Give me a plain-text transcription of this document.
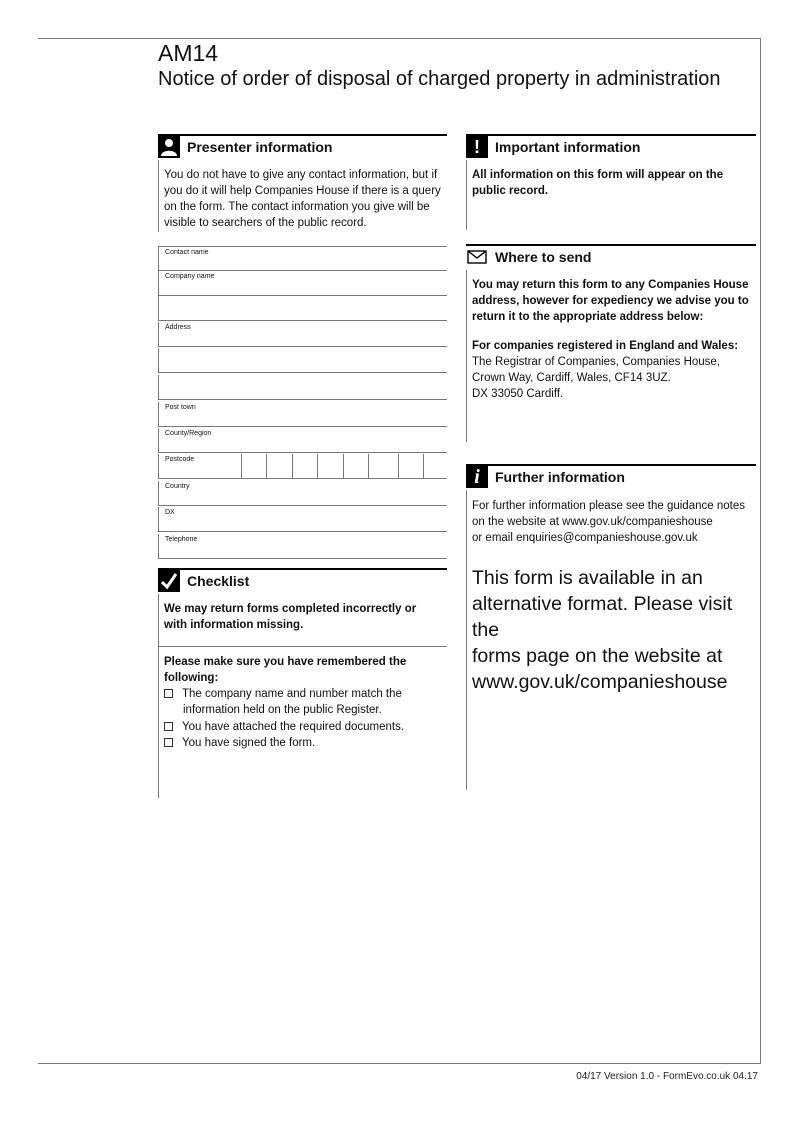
AM14
Notice of order of disposal of charged property in administration
Presenter information
You do not have to give any contact information, but if
you do it will help Companies House if there is a query
on the form. The contact information you give will be
visible to searchers of the public record.
Contact name
Company name
Address
Post town
County/Region
Postcode
Country
DX
Telephone
Checklist
We may return forms completed incorrectly or
with information missing.
Please make sure you have remembered the
following:
The company name and number match the
information held on the public Register.
You have attached the required documents.
You have signed the form.
!	Important information
All information on this form will appear on the
public record.
Where to send
You may return this form to any Companies House
address, however for expediency we advise you to
return it to the appropriate address below:
For companies registered in England and Wales:
The Registrar of Companies, Companies House,
Crown Way, Cardiff, Wales, CF14 3UZ.
DX 33050 Cardiff.
i	Further information
For further information please see the guidance notes
on the website at www.gov.uk/companieshouse
or email enquiries@companieshouse.gov.uk
This form is available in an
alternative format. Please visit the
forms page on the website at
www.gov.uk/companieshouse
04/17 Version 1.0 - FormEvo.co.uk 04.17
